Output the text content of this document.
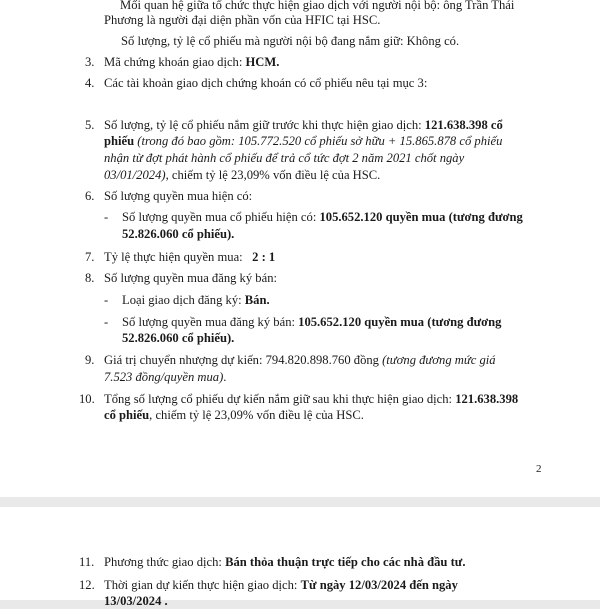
Mối quan hệ giữa tổ chức thực hiện giao dịch với người nội bộ: ông Trần Thái
Phương là người đại diện phần vốn của HFIC tại HSC.
Số lượng, tỷ lệ cổ phiếu mà người nội bộ đang nắm giữ: Không có.
3. Mã chứng khoán giao dịch: HCM.
4. Các tài khoản giao dịch chứng khoán có cổ phiếu nêu tại mục 3:
5. Số lượng, tỷ lệ cổ phiếu nắm giữ trước khi thực hiện giao dịch: 121.638.398 cổ
phiếu (trong đó bao gồm: 105.772.520 cổ phiếu sở hữu + 15.865.878 cổ phiếu
nhận từ đợt phát hành cổ phiếu để trả cổ tức đợt 2 năm 2021 chốt ngày
03/01/2024), chiếm tỷ lệ 23,09% vốn điều lệ của HSC.
6. Số lượng quyền mua hiện có:
- Số lượng quyền mua cổ phiếu hiện có: 105.652.120 quyền mua (tương đương
52.826.060 cổ phiếu).
7. Tỷ lệ thực hiện quyền mua:   2 : 1
8. Số lượng quyền mua đăng ký bán:
- Loại giao dịch đăng ký: Bán.
- Số lượng quyền mua đăng ký bán: 105.652.120 quyền mua (tương đương
52.826.060 cổ phiếu).
9. Giá trị chuyển nhượng dự kiến: 794.820.898.760 đồng (tương đương mức giá
7.523 đồng/quyền mua).
10. Tổng số lượng cổ phiếu dự kiến nắm giữ sau khi thực hiện giao dịch: 121.638.398
cổ phiếu, chiếm tỷ lệ 23,09% vốn điều lệ của HSC.
2
11. Phương thức giao dịch: Bán thỏa thuận trực tiếp cho các nhà đầu tư.
12. Thời gian dự kiến thực hiện giao dịch: Từ ngày 12/03/2024 đến ngày
13/03/2024 .
